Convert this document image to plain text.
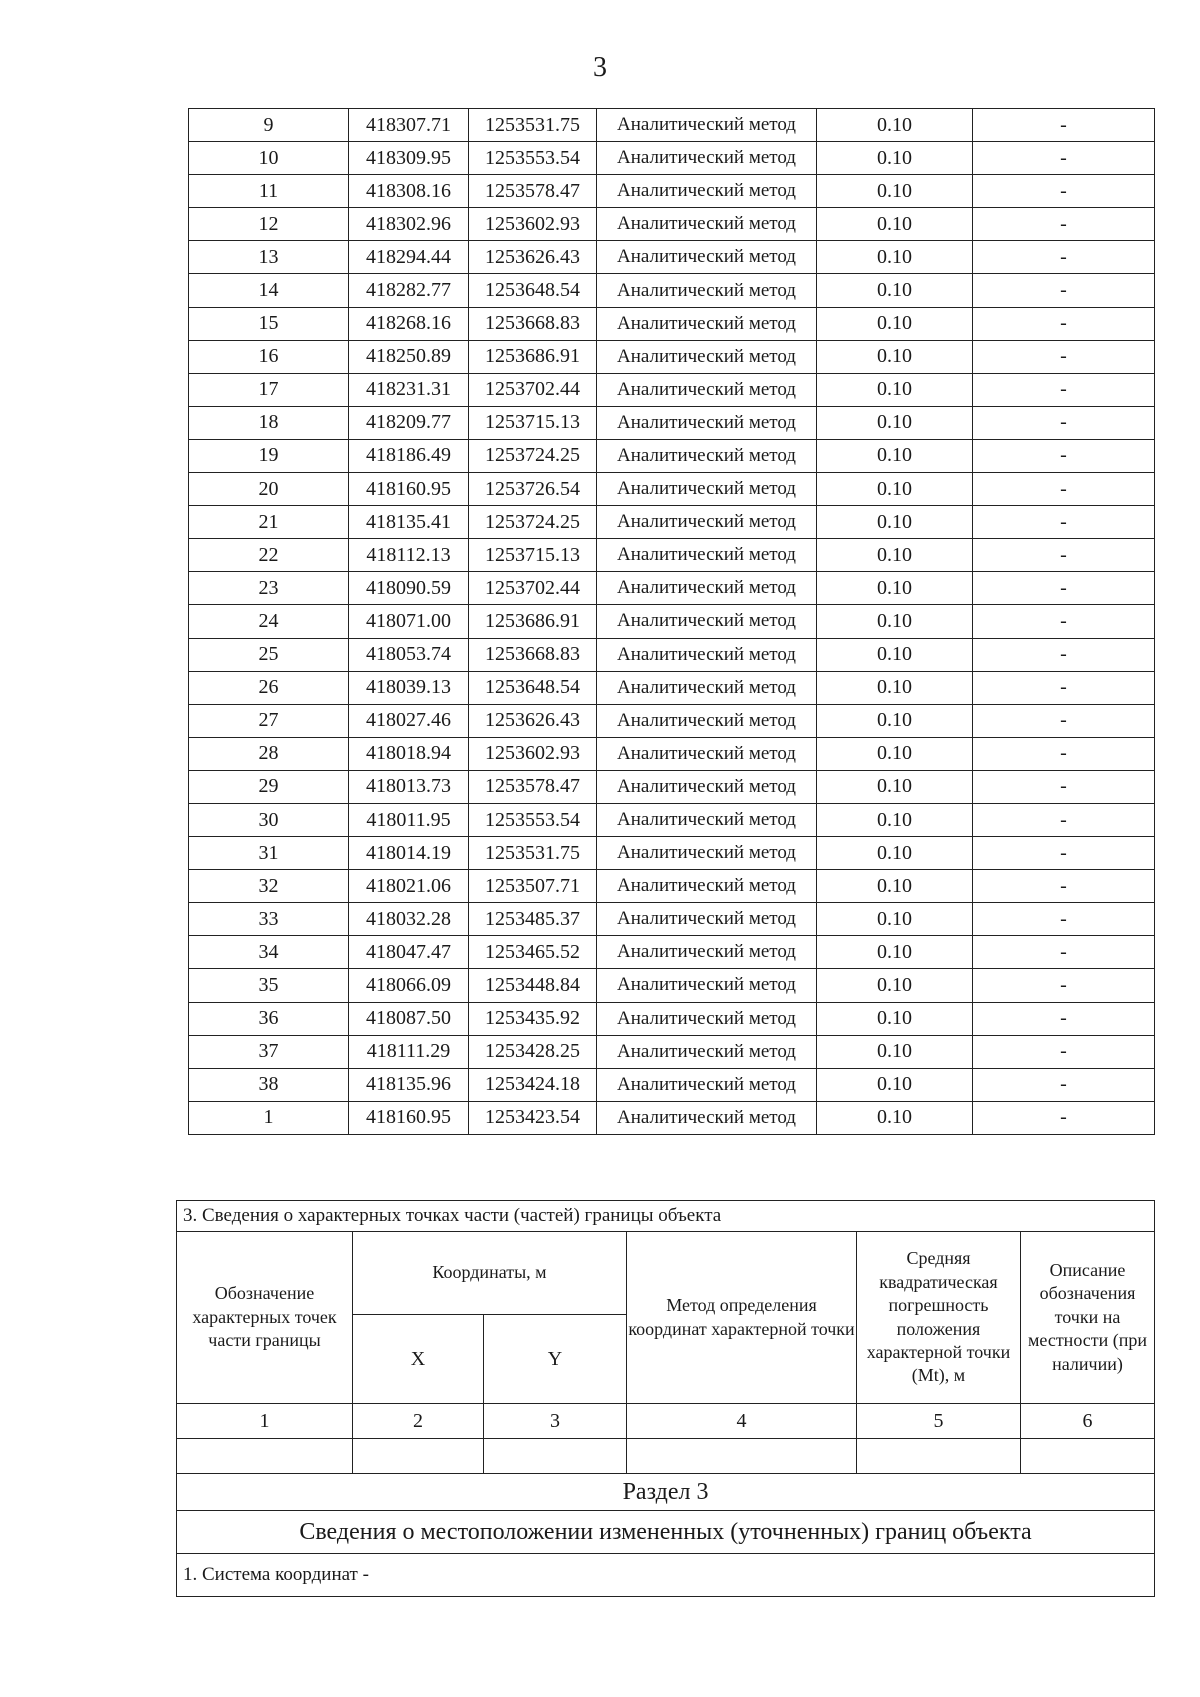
3
9	418307.71	1253531.75	Аналитический метод	0.10	-
10	418309.95	1253553.54	Аналитический метод	0.10	-
11	418308.16	1253578.47	Аналитический метод	0.10	-
12	418302.96	1253602.93	Аналитический метод	0.10	-
13	418294.44	1253626.43	Аналитический метод	0.10	-
14	418282.77	1253648.54	Аналитический метод	0.10	-
15	418268.16	1253668.83	Аналитический метод	0.10	-
16	418250.89	1253686.91	Аналитический метод	0.10	-
17	418231.31	1253702.44	Аналитический метод	0.10	-
18	418209.77	1253715.13	Аналитический метод	0.10	-
19	418186.49	1253724.25	Аналитический метод	0.10	-
20	418160.95	1253726.54	Аналитический метод	0.10	-
21	418135.41	1253724.25	Аналитический метод	0.10	-
22	418112.13	1253715.13	Аналитический метод	0.10	-
23	418090.59	1253702.44	Аналитический метод	0.10	-
24	418071.00	1253686.91	Аналитический метод	0.10	-
25	418053.74	1253668.83	Аналитический метод	0.10	-
26	418039.13	1253648.54	Аналитический метод	0.10	-
27	418027.46	1253626.43	Аналитический метод	0.10	-
28	418018.94	1253602.93	Аналитический метод	0.10	-
29	418013.73	1253578.47	Аналитический метод	0.10	-
30	418011.95	1253553.54	Аналитический метод	0.10	-
31	418014.19	1253531.75	Аналитический метод	0.10	-
32	418021.06	1253507.71	Аналитический метод	0.10	-
33	418032.28	1253485.37	Аналитический метод	0.10	-
34	418047.47	1253465.52	Аналитический метод	0.10	-
35	418066.09	1253448.84	Аналитический метод	0.10	-
36	418087.50	1253435.92	Аналитический метод	0.10	-
37	418111.29	1253428.25	Аналитический метод	0.10	-
38	418135.96	1253424.18	Аналитический метод	0.10	-
1	418160.95	1253423.54	Аналитический метод	0.10	-
3. Сведения о характерных точках части (частей) границы объекта					
Обозначение характерных точек части границы	Координаты, м		Метод определения координат характерной точки	Средняя квадратическая погрешность положения характерной точки (Mt), м	Описание обозначения точки на местности (при наличии)
	X	Y			
1	2	3	4	5	6

Раздел 3					
Сведения о местоположении измененных (уточненных) границ объекта					
1. Система координат -					
